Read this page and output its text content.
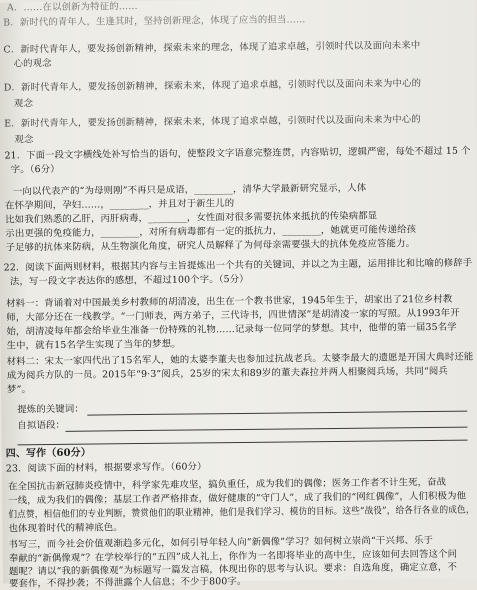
A．……在以创新为特征的……
B．新时代的青年人，生逢其时，坚持创新理念，体现了应当的担当……
C．新时代青年人，要发扬创新精神，探索未来的理念，体现了追求卓越，引领时代以及面向未来中
心的观念
D．新时代青年人，要发扬创新精神，探索未来，体现了追求卓越，引领时代以及面向未来为中心的
观念
E．新时代青年人，要发扬创新精神，探索未来，体现了追求卓越，引领时代以及面向未来为中心的
观念
21．下面一段文字横线处补写恰当的语句，使整段文字语意完整连贯，内容贴切，逻辑严密，每处不超过 15 个
字。（6分）
一向以代表产的“为母则刚”不再只是成语，________，清华大学最新研究显示，人体
在怀孕期间，孕妇……，________，并且对于新生儿的
比如我们熟悉的乙肝，丙肝病毒，________，女性面对很多需要抗体来抵抗的传染病都显
示出更强的免疫能力，________，对所有病毒都有一定的抵抗力，________，她就更可能传递给孩
子足够的抗体来防病，从生物演化角度，研究人员解释了为何母亲需要强大的抗体免疫应答能力。
22．阅读下面两则材料，根据其内容与主旨提炼出一个共有的关键词，并以之为主题，运用排比和比喻的修辞手
法，写一段文字表达你的感想，不超过100个字。（5分）
材料一：背诵着对中国最美乡村教师的胡清凌，出生在一个教书世家，1945年生于，胡家出了21位乡村教
师，大部分还在一线教学。“一门师表，两方弟子，三代诗书，四世情深”是胡清凌一家的写照。从1993年开
始，胡清凌每年都会给毕业生准备一份特殊的礼物……记录每一位同学的梦想。其中，他带的第一届35名学
生中，就有15名学生实现了当年的梦想。
材料二：宋太一家四代出了15名军人，她的太婆李董夫也参加过抗战老兵。太婆李最大的遗愿是开国大典时还能
成为阅兵方队的一员。2015年“9·3”阅兵，25岁的宋太和89岁的董夫森拉并两人相聚阅兵场，共同“阅兵
梦”。
提炼的关键词：
自拟语段：
四、写作（60分）
23．阅读下面的材料，根据要求写作。（60分）
在全国抗击新冠肺炎疫情中，科学家先难攻坚，搞负重任，成为我们的偶像；医务工作者不计生死，奋战
一线，成为我们的偶像；基层工作者严格排查，做好健康的“守门人”，成了我们的“网红偶像”，人们积极为他
们点赞，相信他们的专业判断，赞赏他们的职业精神，他们是我们学习、模仿的目标。这些“战役”，给各行各业的成色，
也体现着时代的精神底色。
书写三，而今社会价值观渐趋多元化，如何引导年轻人向“新偶像”学习？如何树立崇尚“干兴邦、乐于
奉献的“新偶像观”？在学校举行的“五四”成人礼上，你作为一名即将毕业的高中生，应该如何去回答这个问
题呢？请以“我的新偶像观”为标题写一篇发言稿，体现出你的思考与认识。要求：自选角度，确定立意，不
要套作，不得抄袭；不得泄露个人信息；不少于800字。
